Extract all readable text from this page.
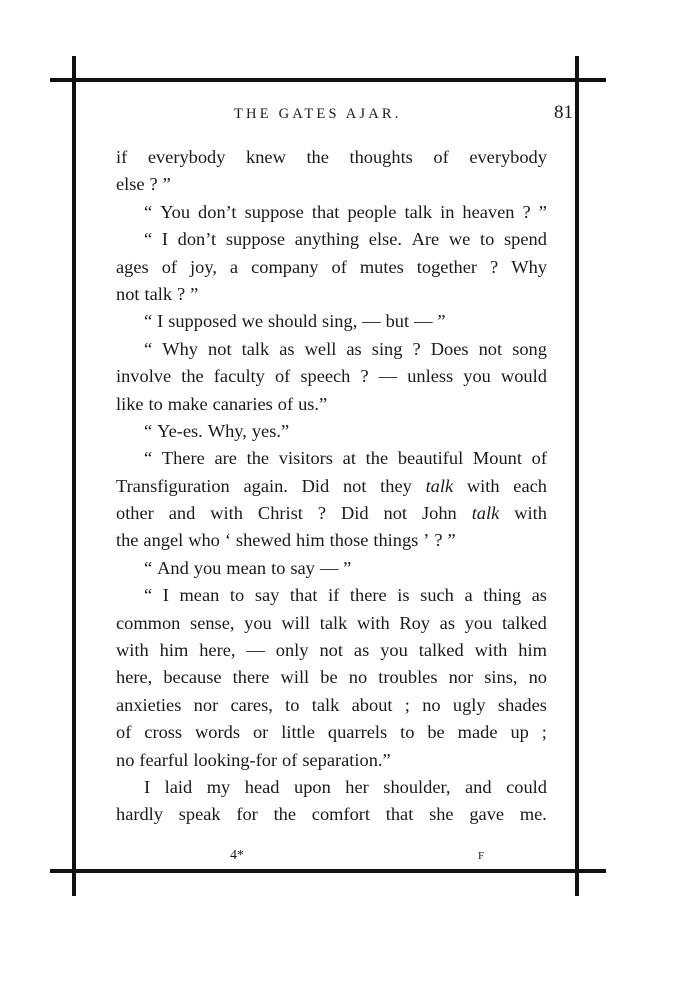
THE GATES AJAR.	81
if everybody knew the thoughts of everybody
else ? ”
“ You don’t suppose that people talk in heaven ? ”
“ I don’t suppose anything else. Are we to spend
ages of joy, a company of mutes together ? Why
not talk ? ”
“ I supposed we should sing, — but — ”
“ Why not talk as well as sing ? Does not song
involve the faculty of speech ? — unless you would
like to make canaries of us.”
“ Ye-es. Why, yes.”
“ There are the visitors at the beautiful Mount of
Transfiguration again. Did not they talk with each
other and with Christ ? Did not John talk with
the angel who ‘ shewed him those things ’ ? ”
“ And you mean to say — ”
“ I mean to say that if there is such a thing as
common sense, you will talk with Roy as you talked
with him here, — only not as you talked with him
here, because there will be no troubles nor sins, no
anxieties nor cares, to talk about ; no ugly shades
of cross words or little quarrels to be made up ;
no fearful looking-for of separation.”
I laid my head upon her shoulder, and could
hardly speak for the comfort that she gave me.
4*	F
